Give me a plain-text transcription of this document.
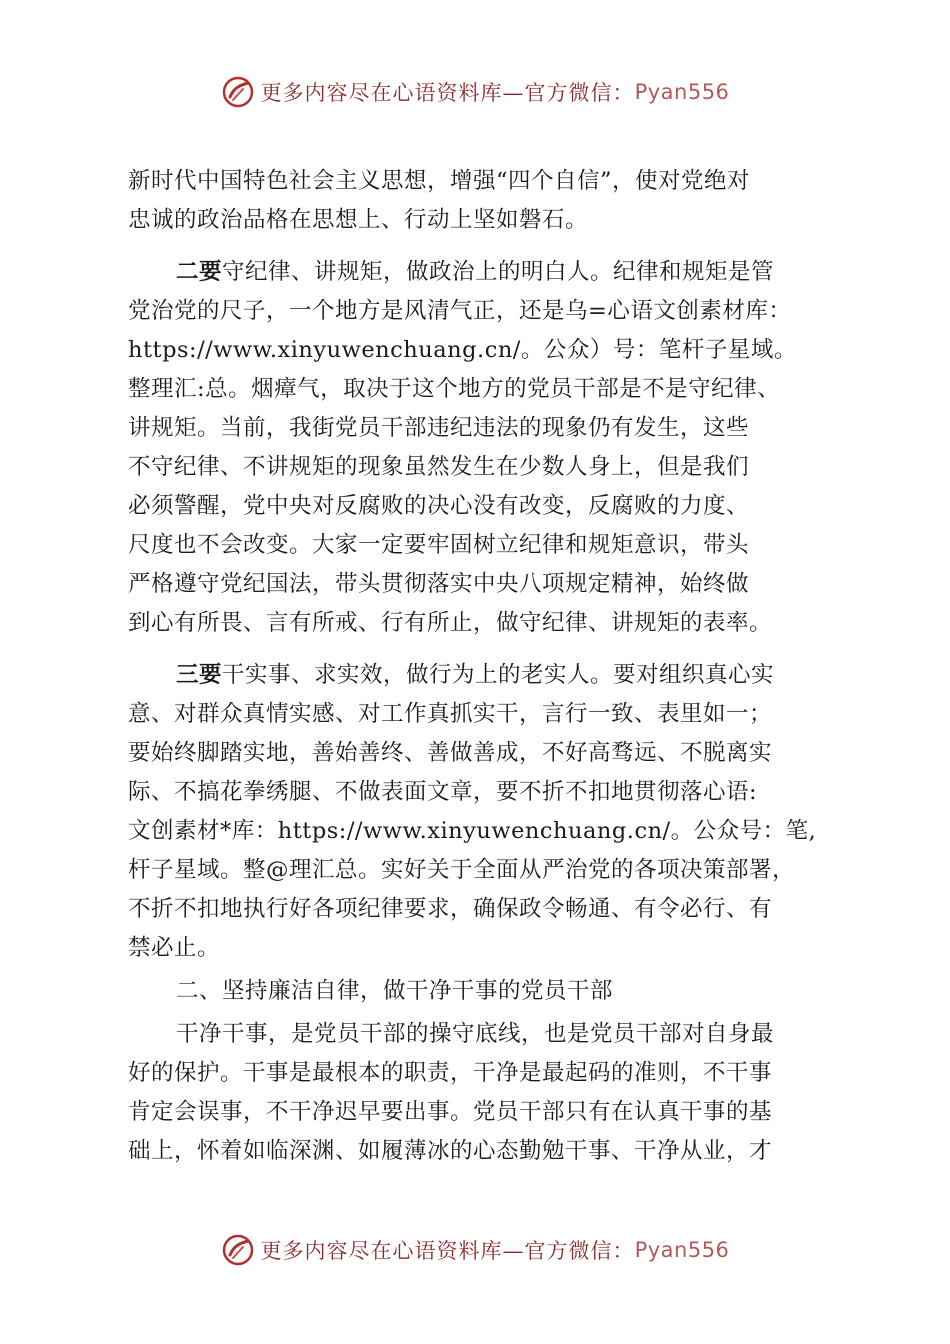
更多内容尽在心语资料库—官方微信： Pyan556
新时代中国特色社会主义思想，增强“四个自信”，使对党绝对
忠诚的政治品格在思想上、行动上坚如磐石。
二要守纪律、讲规矩，做政治上的明白人。纪律和规矩是管
党治党的尺子，一个地方是风清气正，还是乌=心语文创素材库：
https://www.xinyuwenchuang.cn/。公众）号：笔杆子星域。
整理汇:总。烟瘴气，取决于这个地方的党员干部是不是守纪律、
讲规矩。当前，我街党员干部违纪违法的现象仍有发生，这些
不守纪律、不讲规矩的现象虽然发生在少数人身上，但是我们
必须警醒，党中央对反腐败的决心没有改变，反腐败的力度、
尺度也不会改变。大家一定要牢固树立纪律和规矩意识，带头
严格遵守党纪国法，带头贯彻落实中央八项规定精神，始终做
到心有所畏、言有所戒、行有所止，做守纪律、讲规矩的表率。
三要干实事、求实效，做行为上的老实人。要对组织真心实
意、对群众真情实感、对工作真抓实干，言行一致、表里如一；
要始终脚踏实地，善始善终、善做善成，不好高骛远、不脱离实
际、不搞花拳绣腿、不做表面文章，要不折不扣地贯彻落心语:
文创素材*库：https://www.xinyuwenchuang.cn/。公众号：笔,
杆子星域。整@理汇总。实好关于全面从严治党的各项决策部署，
不折不扣地执行好各项纪律要求，确保政令畅通、有令必行、有
禁必止。
二、坚持廉洁自律，做干净干事的党员干部
干净干事，是党员干部的操守底线，也是党员干部对自身最
好的保护。干事是最根本的职责，干净是最起码的准则，不干事
肯定会误事，不干净迟早要出事。党员干部只有在认真干事的基
础上，怀着如临深渊、如履薄冰的心态勤勉干事、干净从业，才
更多内容尽在心语资料库—官方微信： Pyan556
